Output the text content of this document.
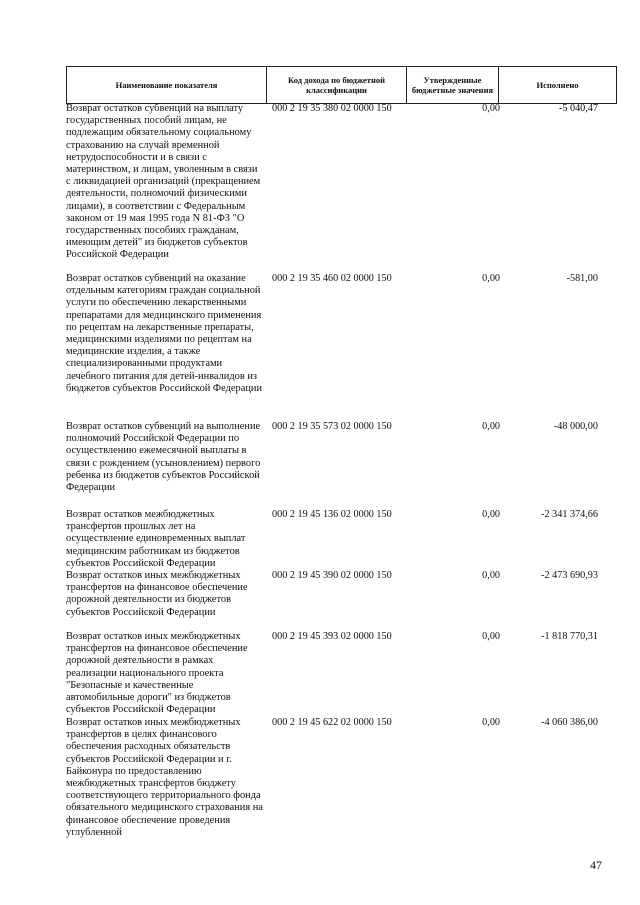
Наименование показателя	Код дохода по бюджетной классификации	Утвержденные бюджетные значения	Исполнено
Возврат остатков субвенций на выплату государственных пособий лицам, не подлежащим обязательному социальному страхованию на случай временной нетрудоспособности и в связи с материнством, и лицам, уволенным в связи с ликвидацией организаций (прекращением деятельности, полномочий физическими лицами), в соответствии с Федеральным законом от 19 мая 1995 года N 81-ФЗ "О государственных пособиях гражданам, имеющим детей" из бюджетов субъектов Российской Федерации
000 2 19 35 380 02 0000 150	0,00	-5 040,47
Возврат остатков субвенций на оказание отдельным категориям граждан социальной услуги по обеспечению лекарственными препаратами для медицинского применения по рецептам на лекарственные препараты, медицинскими изделиями по рецептам на медицинские изделия, а также специализированными продуктами лечебного питания для детей-инвалидов из бюджетов субъектов Российской Федерации
000 2 19 35 460 02 0000 150	0,00	-581,00
Возврат остатков субвенций на выполнение полномочий Российской Федерации по осуществлению ежемесячной выплаты в связи с рождением (усыновлением) первого ребенка из бюджетов субъектов Российской Федерации
000 2 19 35 573 02 0000 150	0,00	-48 000,00
Возврат остатков межбюджетных трансфертов прошлых лет на осуществление единовременных выплат медицинским работникам из бюджетов субъектов Российской Федерации
000 2 19 45 136 02 0000 150	0,00	-2 341 374,66
Возврат остатков иных межбюджетных трансфертов на финансовое обеспечение дорожной деятельности из бюджетов субъектов Российской Федерации
000 2 19 45 390 02 0000 150	0,00	-2 473 690,93
Возврат остатков иных межбюджетных трансфертов на финансовое обеспечение дорожной деятельности в рамках реализации национального проекта "Безопасные и качественные автомобильные дороги" из бюджетов субъектов Российской Федерации
000 2 19 45 393 02 0000 150	0,00	-1 818 770,31
Возврат остатков иных межбюджетных трансфертов в целях финансового обеспечения расходных обязательств субъектов Российской Федерации и г. Байконура по предоставлению межбюджетных трансфертов бюджету соответствующего территориального фонда обязательного медицинского страхования на финансовое обеспечение проведения углубленной
000 2 19 45 622 02 0000 150	0,00	-4 060 386,00
47
